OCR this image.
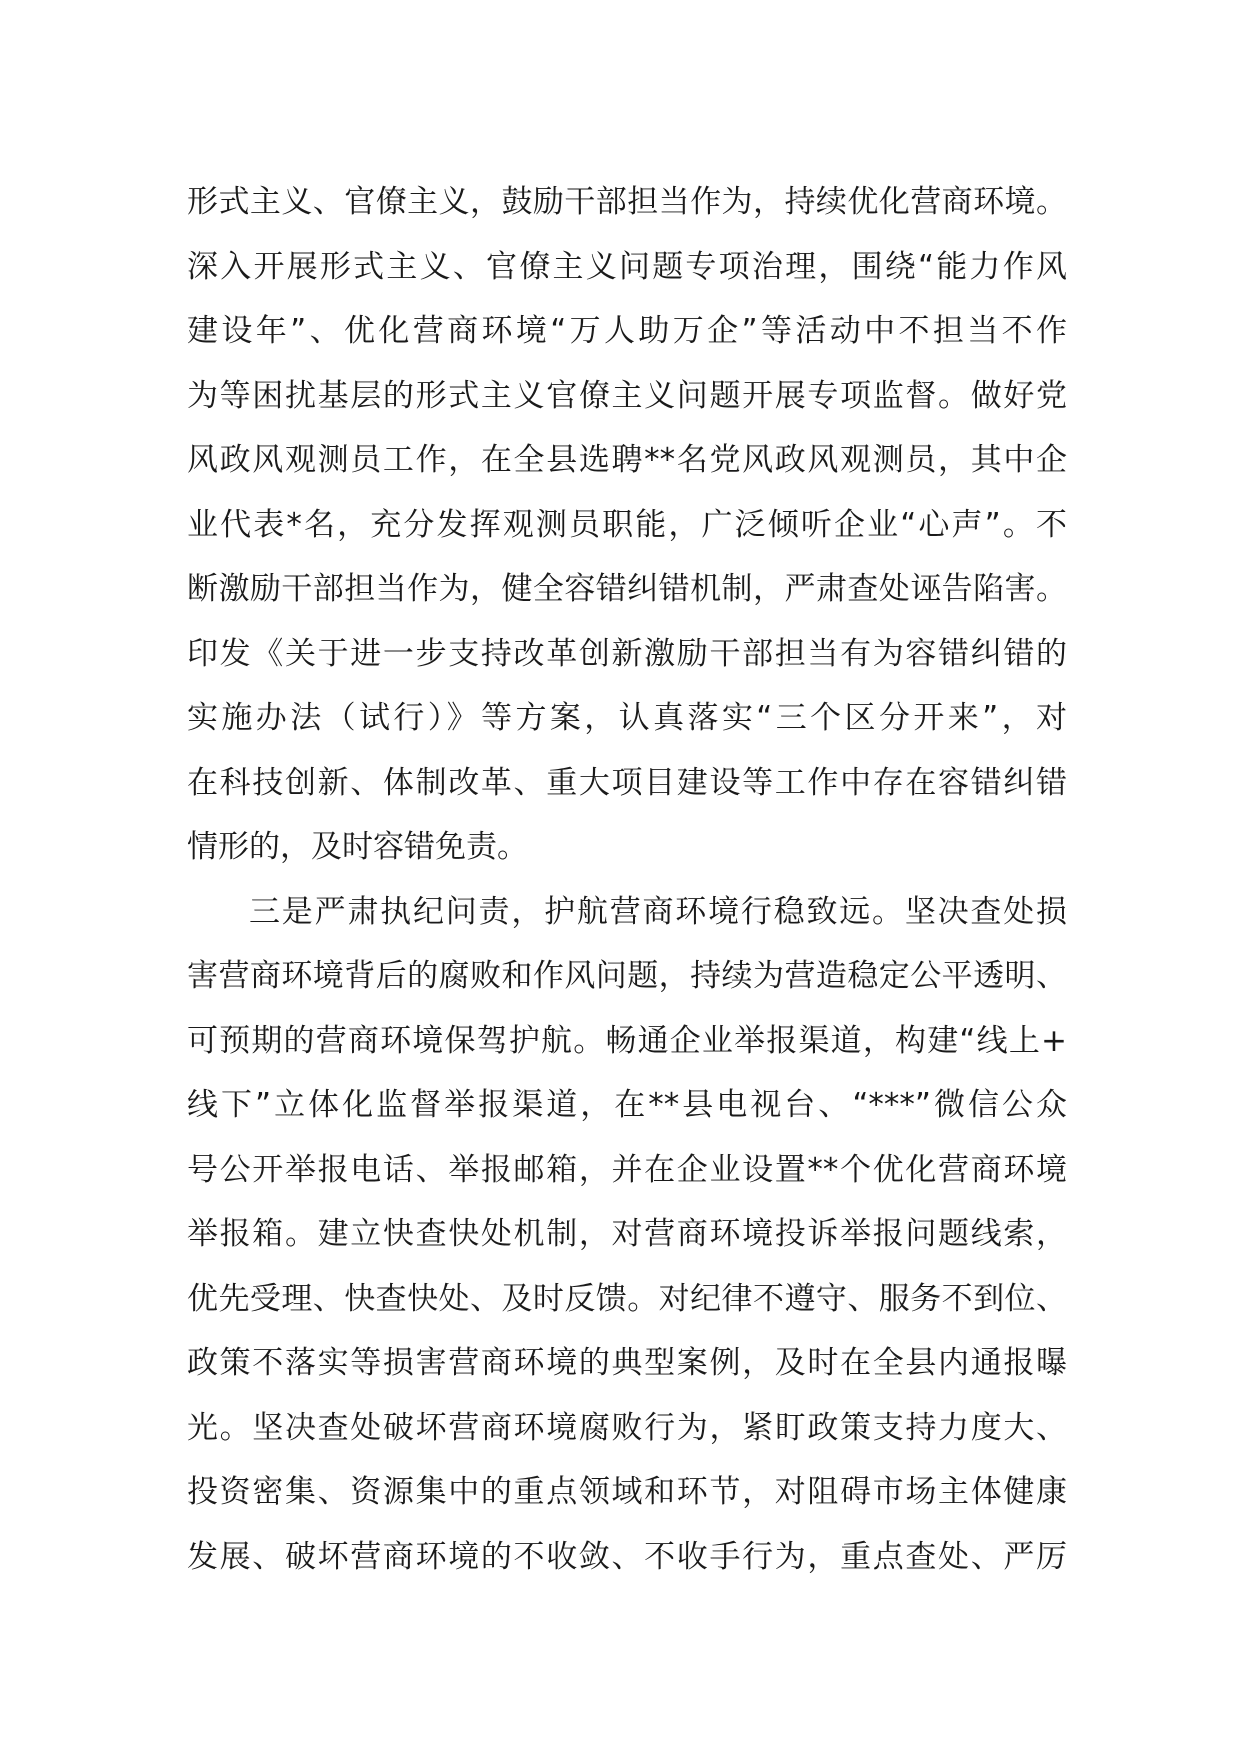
形式主义、官僚主义，鼓励干部担当作为，持续优化营商环境。
深入开展形式主义、官僚主义问题专项治理，围绕“能力作风
建设年”、优化营商环境“万人助万企”等活动中不担当不作
为等困扰基层的形式主义官僚主义问题开展专项监督。做好党
风政风观测员工作，在全县选聘**名党风政风观测员，其中企
业代表*名，充分发挥观测员职能，广泛倾听企业“心声”。不
断激励干部担当作为，健全容错纠错机制，严肃查处诬告陷害。
印发《关于进一步支持改革创新激励干部担当有为容错纠错的
实施办法（试行）》等方案，认真落实“三个区分开来”，对
在科技创新、体制改革、重大项目建设等工作中存在容错纠错
情形的，及时容错免责。
三是严肃执纪问责，护航营商环境行稳致远。坚决查处损
害营商环境背后的腐败和作风问题，持续为营造稳定公平透明、
可预期的营商环境保驾护航。畅通企业举报渠道，构建“线上+
线下”立体化监督举报渠道，在**县电视台、“***”微信公众
号公开举报电话、举报邮箱，并在企业设置**个优化营商环境
举报箱。建立快查快处机制，对营商环境投诉举报问题线索，
优先受理、快查快处、及时反馈。对纪律不遵守、服务不到位、
政策不落实等损害营商环境的典型案例，及时在全县内通报曝
光。坚决查处破坏营商环境腐败行为，紧盯政策支持力度大、
投资密集、资源集中的重点领域和环节，对阻碍市场主体健康
发展、破坏营商环境的不收敛、不收手行为，重点查处、严厉
